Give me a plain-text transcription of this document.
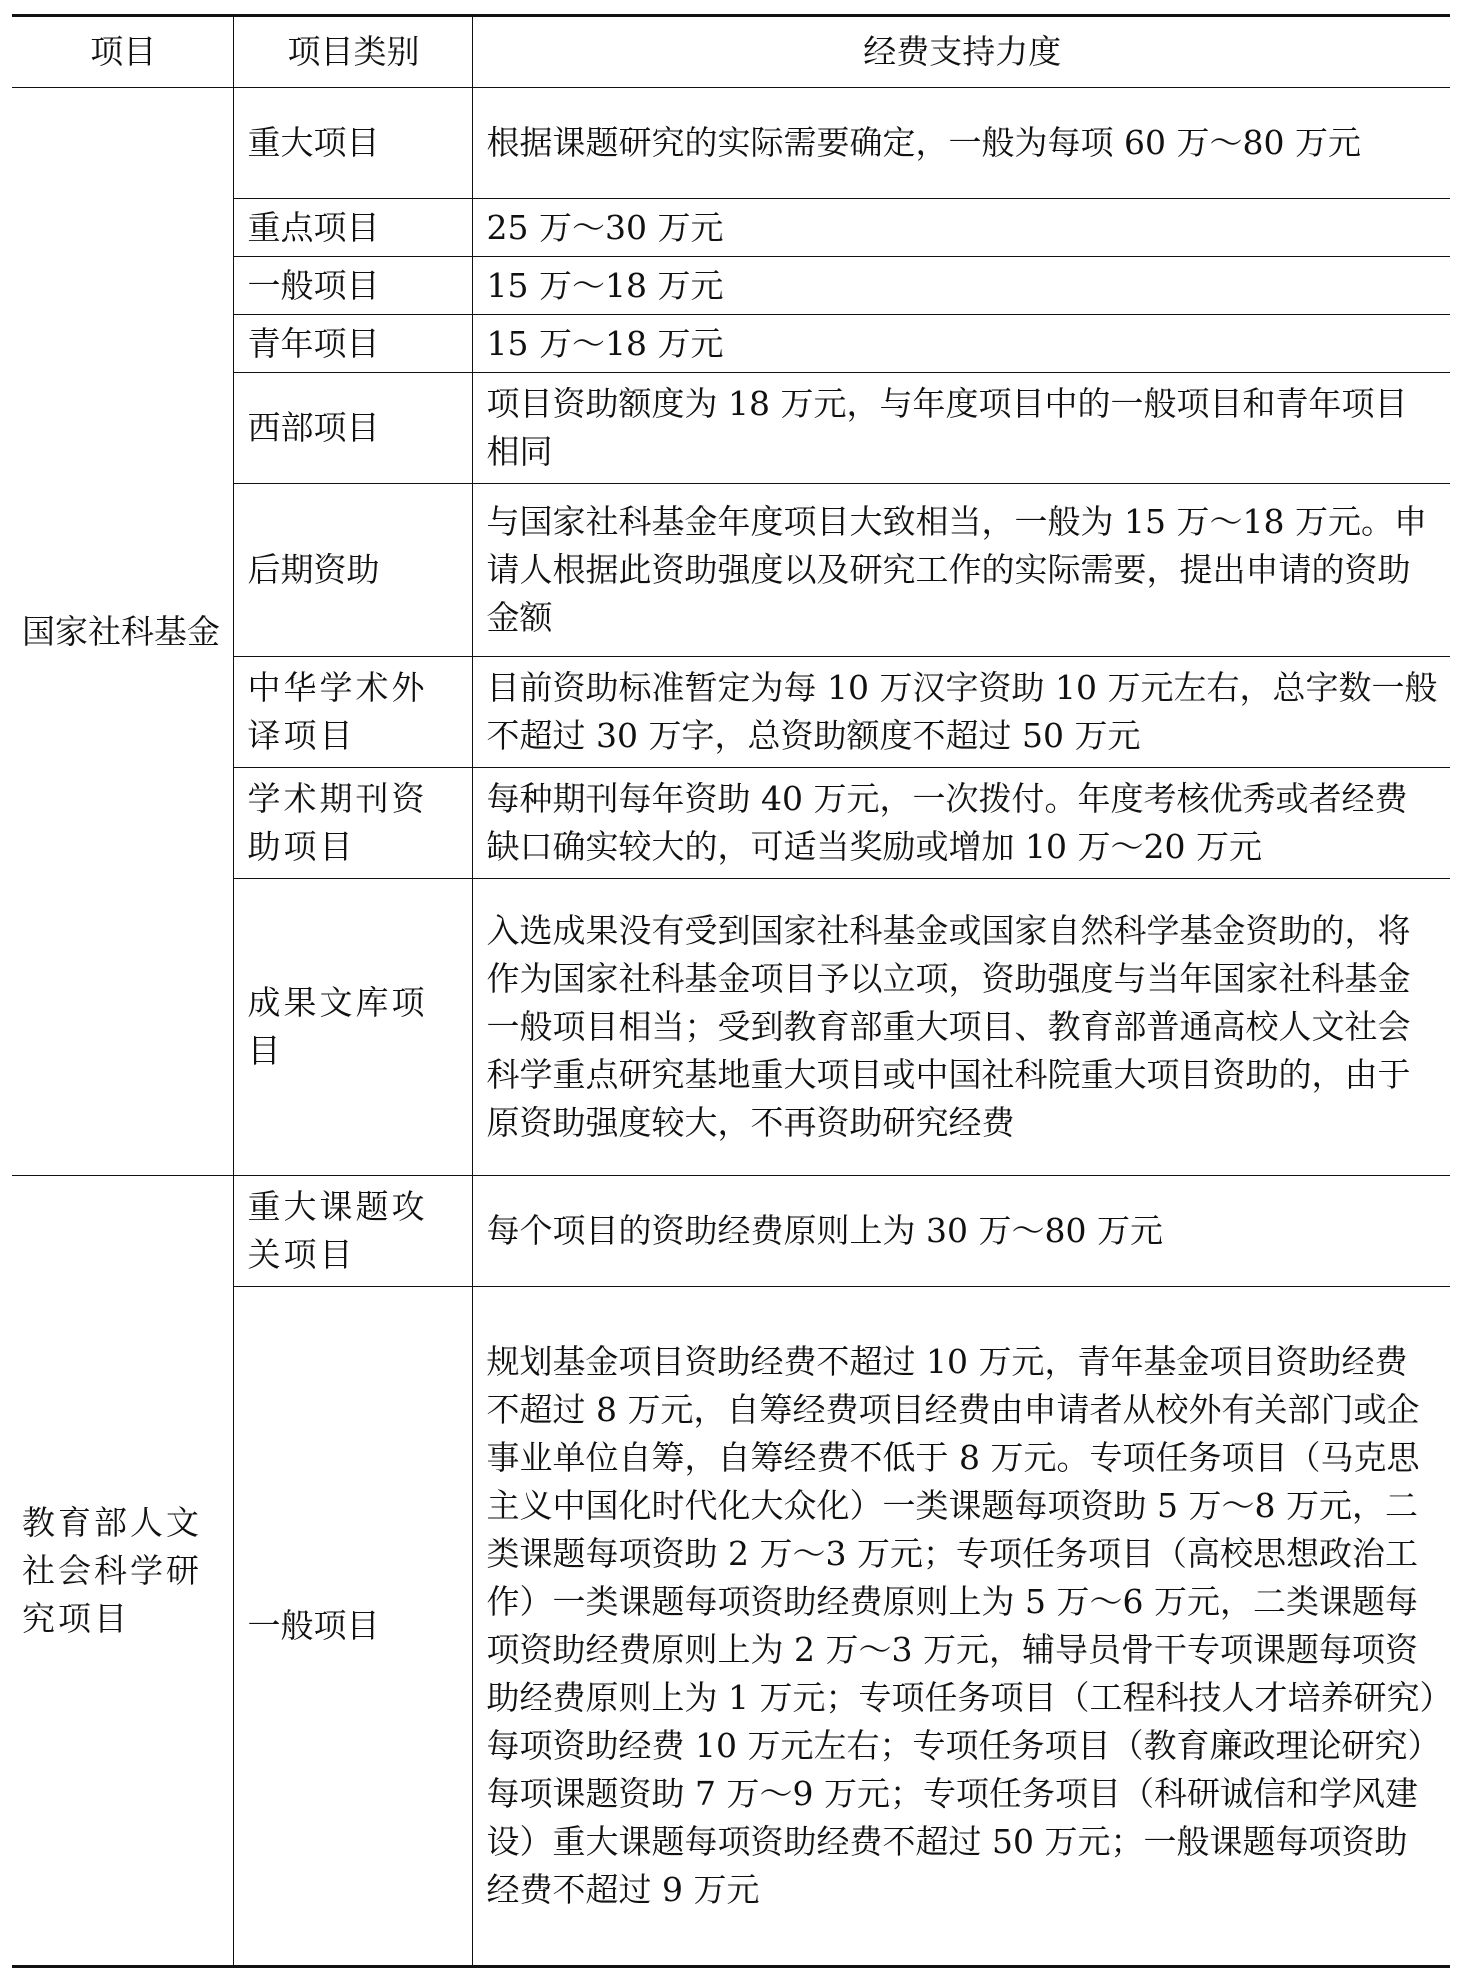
项目	项目类别	经费支持力度
国家社科基金	重大项目	根据课题研究的实际需要确定，一般为每项 60 万～80 万元
	重点项目	25 万～30 万元
	一般项目	15 万～18 万元
	青年项目	15 万～18 万元
	西部项目	项目资助额度为 18 万元，与年度项目中的一般项目和青年项目相同
	后期资助	与国家社科基金年度项目大致相当，一般为 15 万～18 万元。申请人根据此资助强度以及研究工作的实际需要，提出申请的资助金额
	中华学术外译项目	目前资助标准暂定为每 10 万汉字资助 10 万元左右，总字数一般不超过 30 万字，总资助额度不超过 50 万元
	学术期刊资助项目	每种期刊每年资助 40 万元，一次拨付。年度考核优秀或者经费缺口确实较大的，可适当奖励或增加 10 万～20 万元
	成果文库项目	入选成果没有受到国家社科基金或国家自然科学基金资助的，将作为国家社科基金项目予以立项，资助强度与当年国家社科基金一般项目相当；受到教育部重大项目、教育部普通高校人文社会科学重点研究基地重大项目或中国社科院重大项目资助的，由于原资助强度较大，不再资助研究经费
教育部人文社会科学研究项目	重大课题攻关项目	每个项目的资助经费原则上为 30 万～80 万元
	一般项目	规划基金项目资助经费不超过 10 万元，青年基金项目资助经费不超过 8 万元，自筹经费项目经费由申请者从校外有关部门或企事业单位自筹，自筹经费不低于 8 万元。专项任务项目（马克思主义中国化时代化大众化）一类课题每项资助 5 万～8 万元，二类课题每项资助 2 万～3 万元；专项任务项目（高校思想政治工作）一类课题每项资助经费原则上为 5 万～6 万元，二类课题每项资助经费原则上为 2 万～3 万元，辅导员骨干专项课题每项资助经费原则上为 1 万元；专项任务项目（工程科技人才培养研究）每项资助经费 10 万元左右；专项任务项目（教育廉政理论研究）每项课题资助 7 万～9 万元；专项任务项目（科研诚信和学风建设）重大课题每项资助经费不超过 50 万元；一般课题每项资助经费不超过 9 万元
